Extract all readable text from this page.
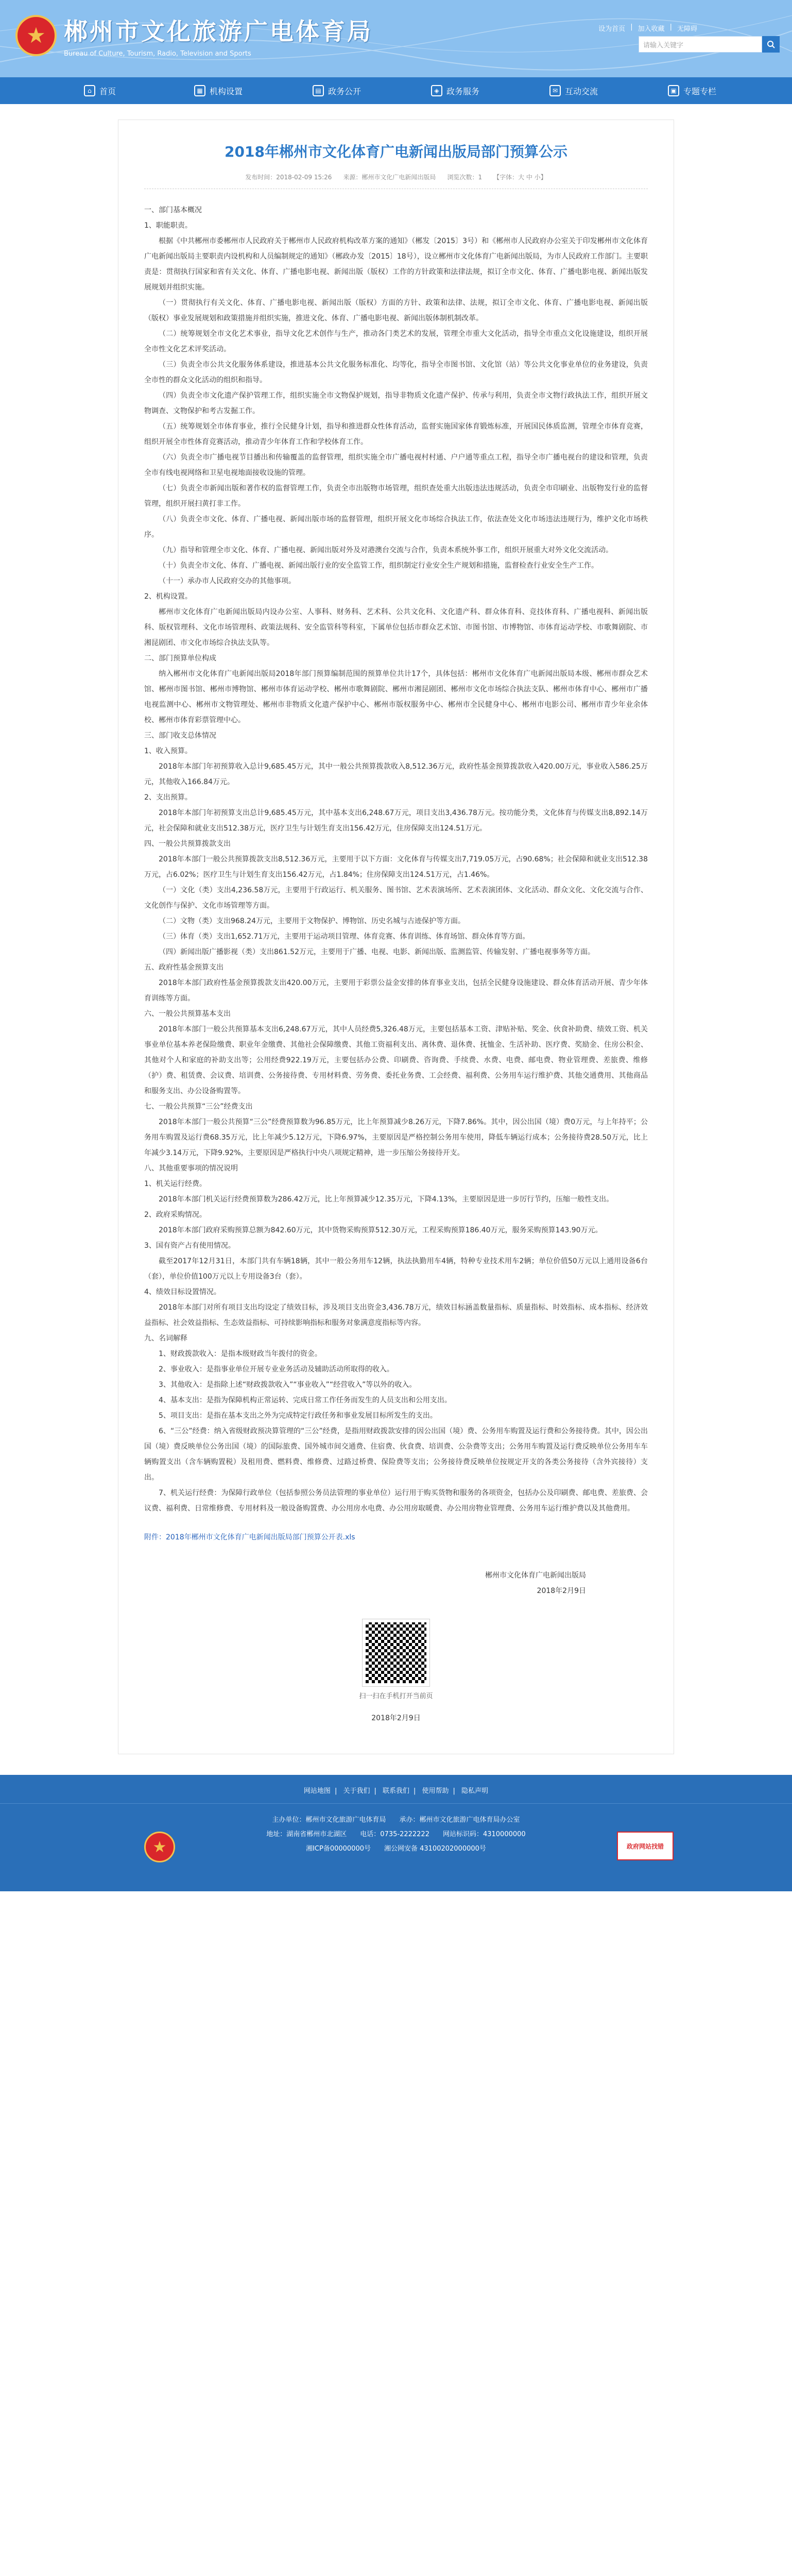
★ 郴州市文化旅游广电体育局
Bureau of Culture, Tourism, Radio, Television and Sports
设为首页 | 加入收藏 | 无障碍
请输入关键字
⌂ 首页	▦ 机构设置	▤ 政务公开	◈ 政务服务	✉ 互动交流	▣ 专题专栏
2018年郴州市文化体育广电新闻出版局部门预算公示
发布时间：2018-02-09 15:26 来源：郴州市文化广电新闻出版局 浏览次数：1 【字体：大 中 小】

一、部门基本概况

1、职能职责。

根据《中共郴州市委郴州市人民政府关于郴州市人民政府机构改革方案的通知》（郴发〔2015〕3号）和《郴州市人民政府办公室关于印发郴州市文化体育广电新闻出版局主要职责内设机构和人员编制规定的通知》（郴政办发〔2015〕18号），设立郴州市文化体育广电新闻出版局，为市人民政府工作部门。主要职责是：贯彻执行国家和省有关文化、体育、广播电影电视、新闻出版（版权）工作的方针政策和法律法规，拟订全市文化、体育、广播电影电视、新闻出版发展规划并组织实施。

（一）贯彻执行有关文化、体育、广播电影电视、新闻出版（版权）方面的方针、政策和法律、法规，拟订全市文化、体育、广播电影电视、新闻出版（版权）事业发展规划和政策措施并组织实施，推进文化、体育、广播电影电视、新闻出版体制机制改革。

（二）统筹规划全市文化艺术事业，指导文化艺术创作与生产，推动各门类艺术的发展，管理全市重大文化活动，指导全市重点文化设施建设，组织开展全市性文化艺术评奖活动。

（三）负责全市公共文化服务体系建设，推进基本公共文化服务标准化、均等化，指导全市图书馆、文化馆（站）等公共文化事业单位的业务建设，负责全市性的群众文化活动的组织和指导。

（四）负责全市文化遗产保护管理工作，组织实施全市文物保护规划，指导非物质文化遗产保护、传承与利用，负责全市文物行政执法工作，组织开展文物调查、文物保护和考古发掘工作。

（五）统筹规划全市体育事业，推行全民健身计划，指导和推进群众性体育活动，监督实施国家体育锻炼标准，开展国民体质监测，管理全市体育竞赛，组织开展全市性体育竞赛活动，推动青少年体育工作和学校体育工作。

（六）负责全市广播电视节目播出和传输覆盖的监督管理，组织实施全市广播电视村村通、户户通等重点工程，指导全市广播电视台的建设和管理，负责全市有线电视网络和卫星电视地面接收设施的管理。

（七）负责全市新闻出版和著作权的监督管理工作，负责全市出版物市场管理，组织查处重大出版违法违规活动，负责全市印刷业、出版物发行业的监督管理，组织开展扫黄打非工作。

（八）负责全市文化、体育、广播电视、新闻出版市场的监督管理，组织开展文化市场综合执法工作，依法查处文化市场违法违规行为，维护文化市场秩序。

（九）指导和管理全市文化、体育、广播电视、新闻出版对外及对港澳台交流与合作，负责本系统外事工作，组织开展重大对外文化交流活动。

（十）负责全市文化、体育、广播电视、新闻出版行业的安全监管工作，组织制定行业安全生产规划和措施，监督检查行业安全生产工作。

（十一）承办市人民政府交办的其他事项。

2、机构设置。

郴州市文化体育广电新闻出版局内设办公室、人事科、财务科、艺术科、公共文化科、文化遗产科、群众体育科、竞技体育科、广播电视科、新闻出版科、版权管理科、文化市场管理科、政策法规科、安全监管科等科室，下属单位包括市群众艺术馆、市图书馆、市博物馆、市体育运动学校、市歌舞剧院、市湘昆剧团、市文化市场综合执法支队等。

二、部门预算单位构成

纳入郴州市文化体育广电新闻出版局2018年部门预算编制范围的预算单位共计17个，具体包括：郴州市文化体育广电新闻出版局本级、郴州市群众艺术馆、郴州市图书馆、郴州市博物馆、郴州市体育运动学校、郴州市歌舞剧院、郴州市湘昆剧团、郴州市文化市场综合执法支队、郴州市体育中心、郴州市广播电视监测中心、郴州市文物管理处、郴州市非物质文化遗产保护中心、郴州市版权服务中心、郴州市全民健身中心、郴州市电影公司、郴州市青少年业余体校、郴州市体育彩票管理中心。

三、部门收支总体情况

1、收入预算。

2018年本部门年初预算收入总计9,685.45万元，其中一般公共预算拨款收入8,512.36万元，政府性基金预算拨款收入420.00万元，事业收入586.25万元，其他收入166.84万元。

2、支出预算。

2018年本部门年初预算支出总计9,685.45万元，其中基本支出6,248.67万元，项目支出3,436.78万元。按功能分类，文化体育与传媒支出8,892.14万元，社会保障和就业支出512.38万元，医疗卫生与计划生育支出156.42万元，住房保障支出124.51万元。

四、一般公共预算拨款支出

2018年本部门一般公共预算拨款支出8,512.36万元，主要用于以下方面：文化体育与传媒支出7,719.05万元，占90.68%；社会保障和就业支出512.38万元，占6.02%；医疗卫生与计划生育支出156.42万元，占1.84%；住房保障支出124.51万元，占1.46%。

（一）文化（类）支出4,236.58万元，主要用于行政运行、机关服务、图书馆、艺术表演场所、艺术表演团体、文化活动、群众文化、文化交流与合作、文化创作与保护、文化市场管理等方面。

（二）文物（类）支出968.24万元，主要用于文物保护、博物馆、历史名城与古迹保护等方面。

（三）体育（类）支出1,652.71万元，主要用于运动项目管理、体育竞赛、体育训练、体育场馆、群众体育等方面。

（四）新闻出版广播影视（类）支出861.52万元，主要用于广播、电视、电影、新闻出版、监测监管、传输发射、广播电视事务等方面。

五、政府性基金预算支出

2018年本部门政府性基金预算拨款支出420.00万元，主要用于彩票公益金安排的体育事业支出，包括全民健身设施建设、群众体育活动开展、青少年体育训练等方面。

六、一般公共预算基本支出

2018年本部门一般公共预算基本支出6,248.67万元，其中人员经费5,326.48万元，主要包括基本工资、津贴补贴、奖金、伙食补助费、绩效工资、机关事业单位基本养老保险缴费、职业年金缴费、其他社会保障缴费、其他工资福利支出、离休费、退休费、抚恤金、生活补助、医疗费、奖励金、住房公积金、其他对个人和家庭的补助支出等；公用经费922.19万元，主要包括办公费、印刷费、咨询费、手续费、水费、电费、邮电费、物业管理费、差旅费、维修（护）费、租赁费、会议费、培训费、公务接待费、专用材料费、劳务费、委托业务费、工会经费、福利费、公务用车运行维护费、其他交通费用、其他商品和服务支出、办公设备购置等。

七、一般公共预算“三公”经费支出

2018年本部门一般公共预算“三公”经费预算数为96.85万元，比上年预算减少8.26万元，下降7.86%。其中，因公出国（境）费0万元，与上年持平；公务用车购置及运行费68.35万元，比上年减少5.12万元，下降6.97%，主要原因是严格控制公务用车使用，降低车辆运行成本；公务接待费28.50万元，比上年减少3.14万元，下降9.92%，主要原因是严格执行中央八项规定精神，进一步压缩公务接待开支。

八、其他重要事项的情况说明

1、机关运行经费。

2018年本部门机关运行经费预算数为286.42万元，比上年预算减少12.35万元，下降4.13%，主要原因是进一步厉行节约，压缩一般性支出。

2、政府采购情况。

2018年本部门政府采购预算总额为842.60万元，其中货物采购预算512.30万元，工程采购预算186.40万元，服务采购预算143.90万元。

3、国有资产占有使用情况。

截至2017年12月31日，本部门共有车辆18辆，其中一般公务用车12辆，执法执勤用车4辆，特种专业技术用车2辆；单位价值50万元以上通用设备6台（套），单位价值100万元以上专用设备3台（套）。

4、绩效目标设置情况。

2018年本部门对所有项目支出均设定了绩效目标，涉及项目支出资金3,436.78万元，绩效目标涵盖数量指标、质量指标、时效指标、成本指标、经济效益指标、社会效益指标、生态效益指标、可持续影响指标和服务对象满意度指标等内容。

九、名词解释

1、财政拨款收入：是指本级财政当年拨付的资金。

2、事业收入：是指事业单位开展专业业务活动及辅助活动所取得的收入。

3、其他收入：是指除上述“财政拨款收入”“事业收入”“经营收入”等以外的收入。

4、基本支出：是指为保障机构正常运转、完成日常工作任务而发生的人员支出和公用支出。

5、项目支出：是指在基本支出之外为完成特定行政任务和事业发展目标所发生的支出。

6、“三公”经费：纳入省级财政预决算管理的“三公”经费，是指用财政拨款安排的因公出国（境）费、公务用车购置及运行费和公务接待费。其中，因公出国（境）费反映单位公务出国（境）的国际旅费、国外城市间交通费、住宿费、伙食费、培训费、公杂费等支出；公务用车购置及运行费反映单位公务用车车辆购置支出（含车辆购置税）及租用费、燃料费、维修费、过路过桥费、保险费等支出；公务接待费反映单位按规定开支的各类公务接待（含外宾接待）支出。

7、机关运行经费：为保障行政单位（包括参照公务员法管理的事业单位）运行用于购买货物和服务的各项资金，包括办公及印刷费、邮电费、差旅费、会议费、福利费、日常维修费、专用材料及一般设备购置费、办公用房水电费、办公用房取暖费、办公用房物业管理费、公务用车运行维护费以及其他费用。

附件：2018年郴州市文化体育广电新闻出版局部门预算公开表.xls
郴州市文化体育广电新闻出版局
2018年2月9日
扫一扫在手机打开当前页
2018年2月9日
网站地图 | 关于我们 | 联系我们 | 使用帮助 | 隐私声明
主办单位：郴州市文化旅游广电体育局　　承办：郴州市文化旅游广电体育局办公室
地址：湖南省郴州市北湖区　　电话：0735-2222222　　网站标识码：4310000000
湘ICP备00000000号　　湘公网安备 43100202000000号
★	政府网站找错
